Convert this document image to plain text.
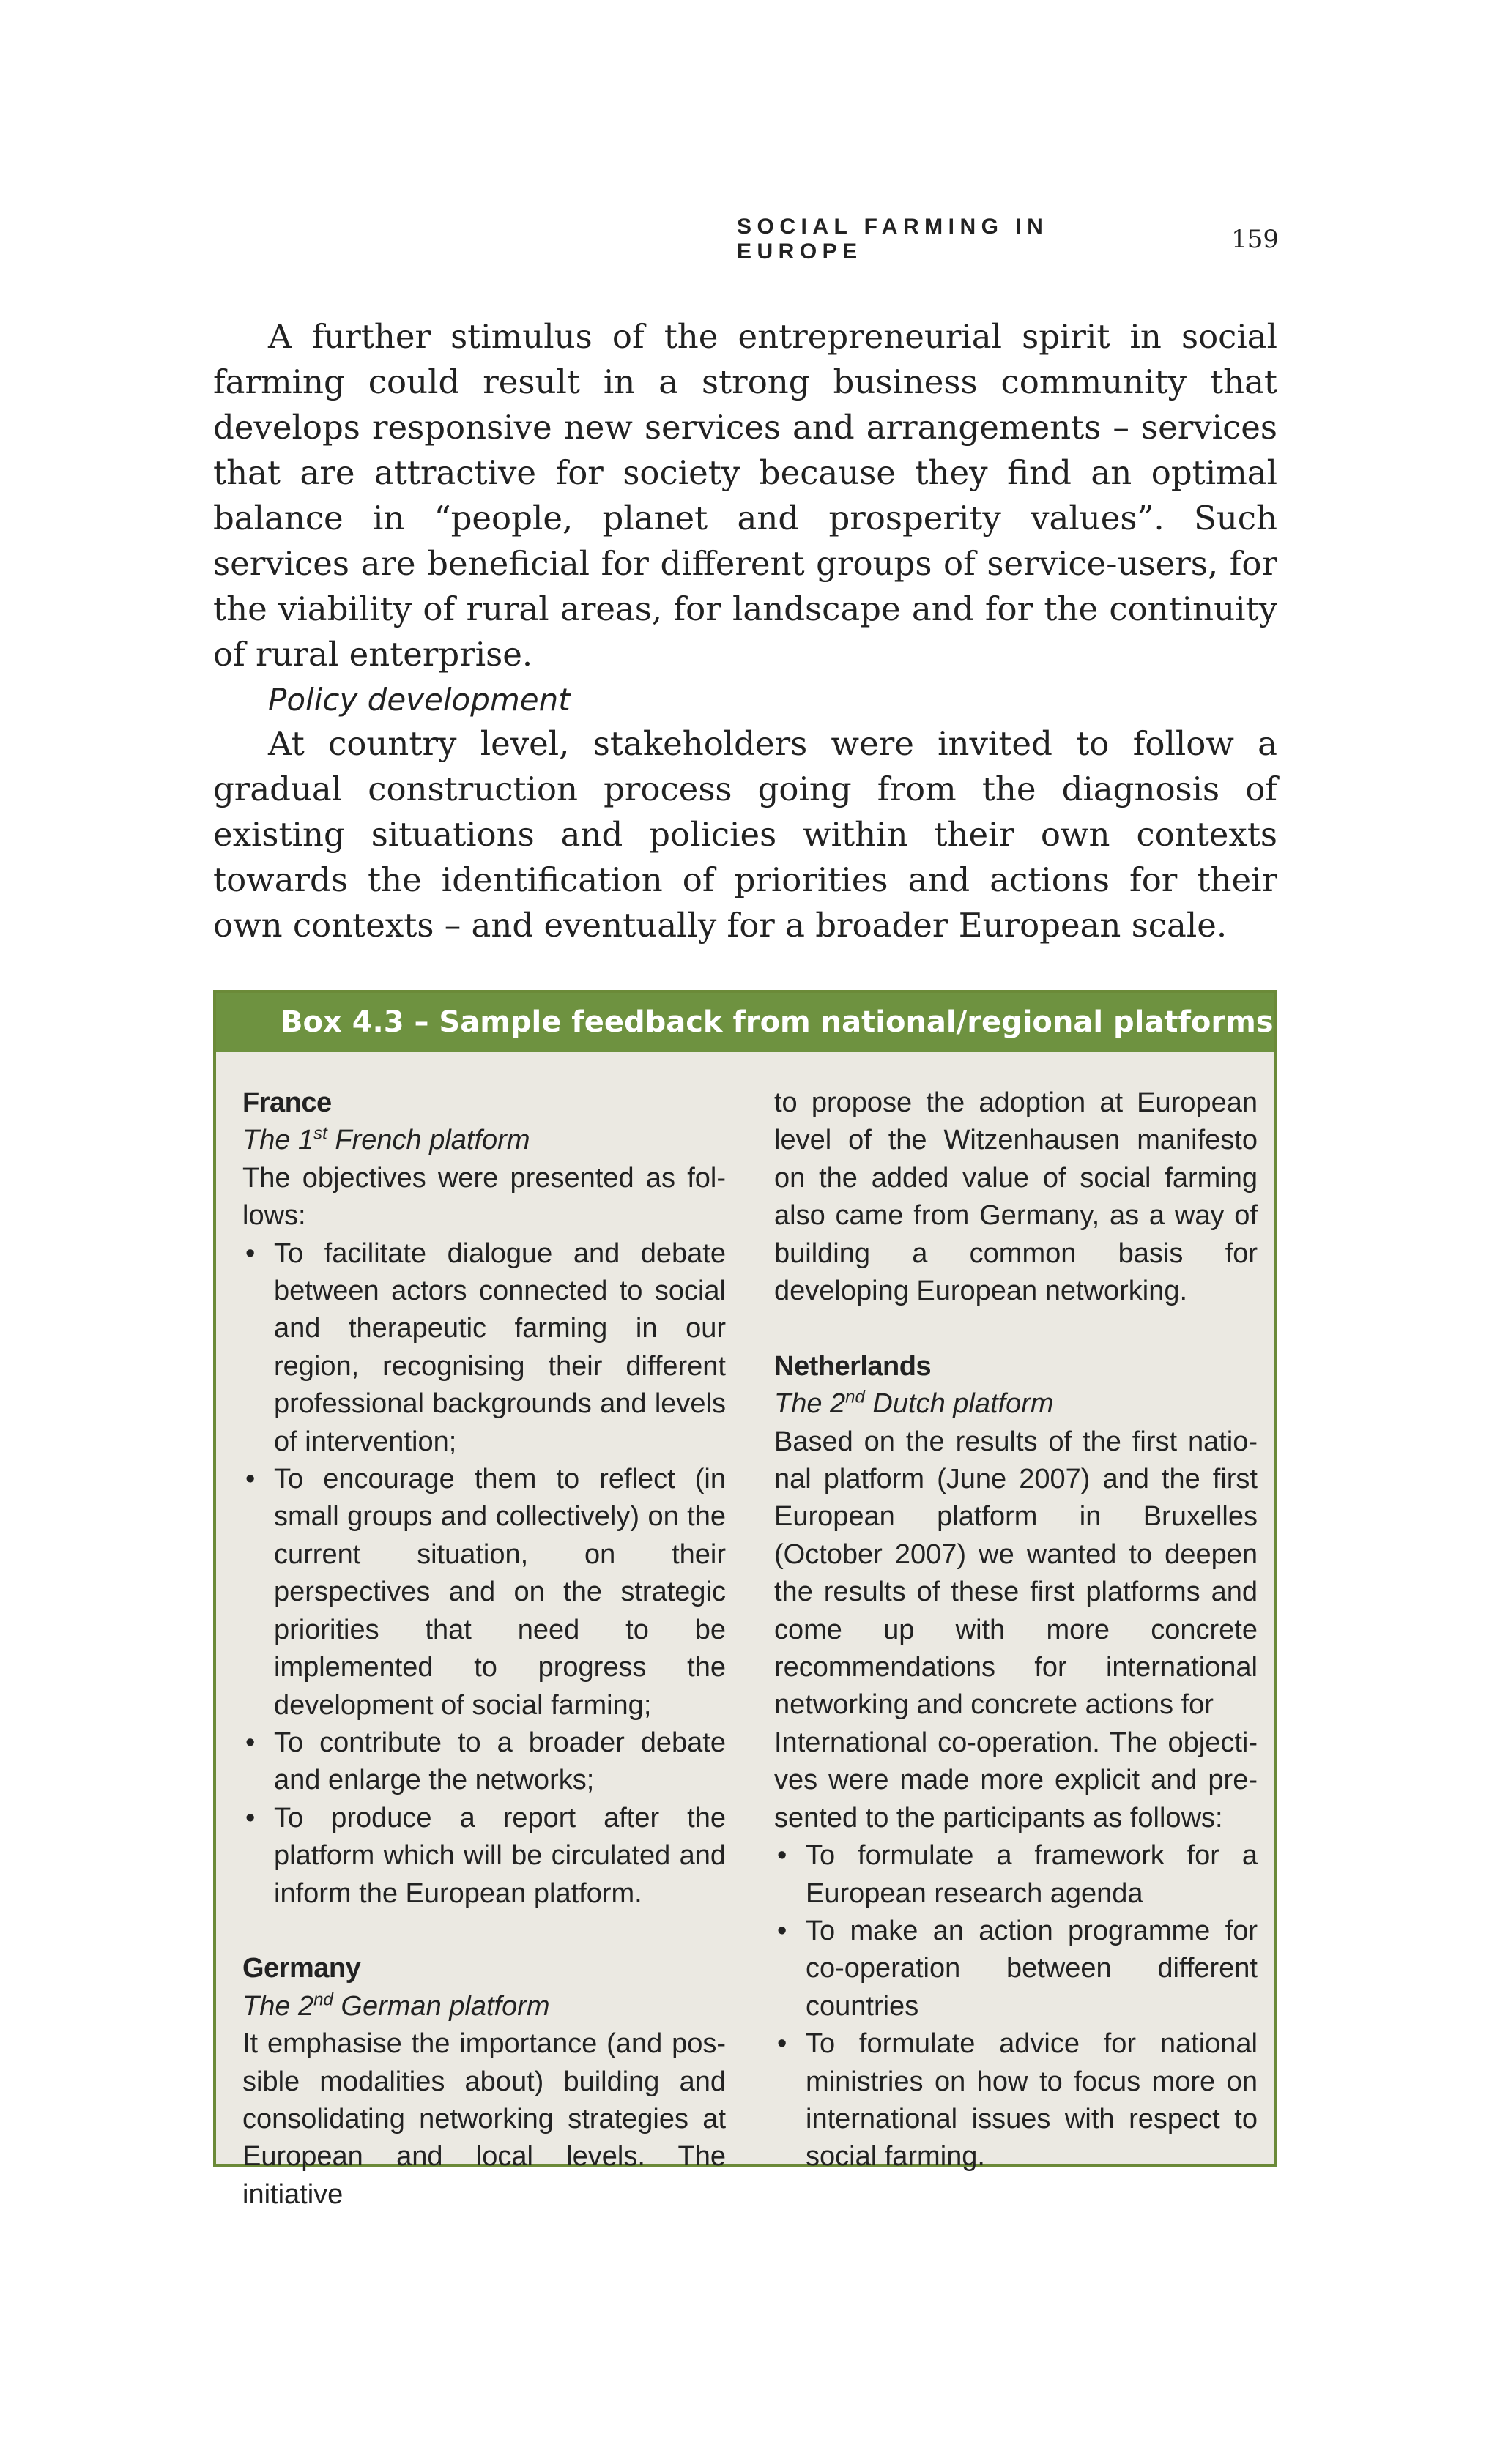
SOCIAL FARMING IN EUROPE	159

A further stimulus of the entrepreneurial spirit in social farming could result in a strong business community that develops responsive new services and arrangements – services that are attractive for society because they find an optimal balance in “people, planet and prosperity values”. Such services are beneficial for different groups of service-users, for the viability of rural areas, for landscape and for the continuity of rural enterprise.

Policy development

At country level, stakeholders were invited to follow a gradual construction process going from the diagnosis of existing situations and policies within their own contexts towards the identification of priorities and actions for their own contexts – and eventually for a broader European scale.

Box 4.3 – Sample feedback from national/regional platforms

France

The 1st French platform

The objectives were presented as follows:

• To facilitate dialogue and debate between actors connected to social and therapeutic farming in our region, recognising their different professional backgrounds and levels of intervention;
• To encourage them to reflect (in small groups and collectively) on the current situation, on their perspectives and on the strategic priorities that need to be implemented to progress the development of social farming;
• To contribute to a broader debate and enlarge the networks;
• To produce a report after the platform which will be circulated and inform the European platform.

Germany

The 2nd German platform

It emphasise the importance (and possible modalities about) building and consolidating networking strategies at European and local levels. The initiative

to propose the adoption at European level of the Witzenhausen manifesto on the added value of social farming also came from Germany, as a way of building a common basis for developing European networking.

Netherlands

The 2nd Dutch platform

Based on the results of the first national platform (June 2007) and the first European platform in Bruxelles (October 2007) we wanted to deepen the results of these first platforms and come up with more concrete recommendations for international networking and concrete actions for

International co-operation. The objectives were made more explicit and presented to the participants as follows:

• To formulate a framework for a European research agenda
• To make an action programme for co-operation between different countries
• To formulate advice for national ministries on how to focus more on international issues with respect to social farming.
